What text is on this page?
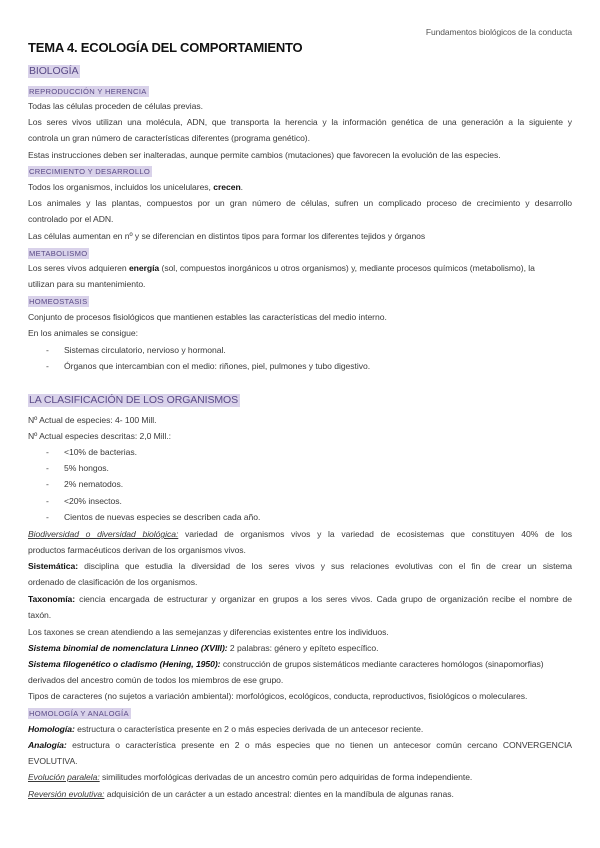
Fundamentos biológicos de la conducta
TEMA 4. ECOLOGÍA DEL COMPORTAMIENTO
BIOLOGÍA
REPRODUCCIÓN Y HERENCIA
Todas las células proceden de células previas.
Los seres vivos utilizan una molécula, ADN, que transporta la herencia y la información genética de una generación a la siguiente y
controla un gran número de características diferentes (programa genético).
Estas instrucciones deben ser inalteradas, aunque permite cambios (mutaciones) que favorecen la evolución de las especies.
CRECIMIENTO Y DESARROLLO
Todos los organismos, incluidos los unicelulares, crecen.
Los animales y las plantas, compuestos por un gran número de células, sufren un complicado proceso de crecimiento y desarrollo
controlado por el ADN.
Las células aumentan en nº y se diferencian en distintos tipos para formar los diferentes tejidos y órganos
METABOLISMO
Los seres vivos adquieren energía (sol, compuestos inorgánicos u otros organismos) y, mediante procesos químicos (metabolismo), la
utilizan para su mantenimiento.
HOMEOSTASIS
Conjunto de procesos fisiológicos que mantienen estables las características del medio interno.
En los animales se consigue:
- Sistemas circulatorio, nervioso y hormonal.
- Órganos que intercambian con el medio: riñones, piel, pulmones y tubo digestivo.
LA CLASIFICACIÓN DE LOS ORGANISMOS
Nº Actual de especies: 4- 100 Mill.
Nº Actual especies descritas: 2,0 Mill.:
- <10% de bacterias.
- 5% hongos.
- 2% nematodos.
- <20% insectos.
- Cientos de nuevas especies se describen cada año.
Biodiversidad o diversidad biológica: variedad de organismos vivos y la variedad de ecosistemas que constituyen 40% de los
productos farmacéuticos derivan de los organismos vivos.
Sistemática: disciplina que estudia la diversidad de los seres vivos y sus relaciones evolutivas con el fin de crear un sistema
ordenado de clasificación de los organismos.
Taxonomía: ciencia encargada de estructurar y organizar en grupos a los seres vivos. Cada grupo de organización recibe el nombre de
taxón.
Los taxones se crean atendiendo a las semejanzas y diferencias existentes entre los individuos.
Sistema binomial de nomenclatura Linneo (XVIII): 2 palabras: género y epíteto específico.
Sistema filogenético o cladismo (Hening, 1950): construcción de grupos sistemáticos mediante caracteres homólogos (sinapomorfias)
derivados del ancestro común de todos los miembros de ese grupo.
Tipos de caracteres (no sujetos a variación ambiental): morfológicos, ecológicos, conducta, reproductivos, fisiológicos o moleculares.
HOMOLOGÍA Y ANALOGÍA
Homología: estructura o característica presente en 2 o más especies derivada de un antecesor reciente.
Analogía: estructura o característica presente en 2 o más especies que no tienen un antecesor común cercano CONVERGENCIA
EVOLUTIVA.
Evolución paralela: similitudes morfológicas derivadas de un ancestro común pero adquiridas de forma independiente.
Reversión evolutiva: adquisición de un carácter a un estado ancestral: dientes en la mandíbula de algunas ranas.
